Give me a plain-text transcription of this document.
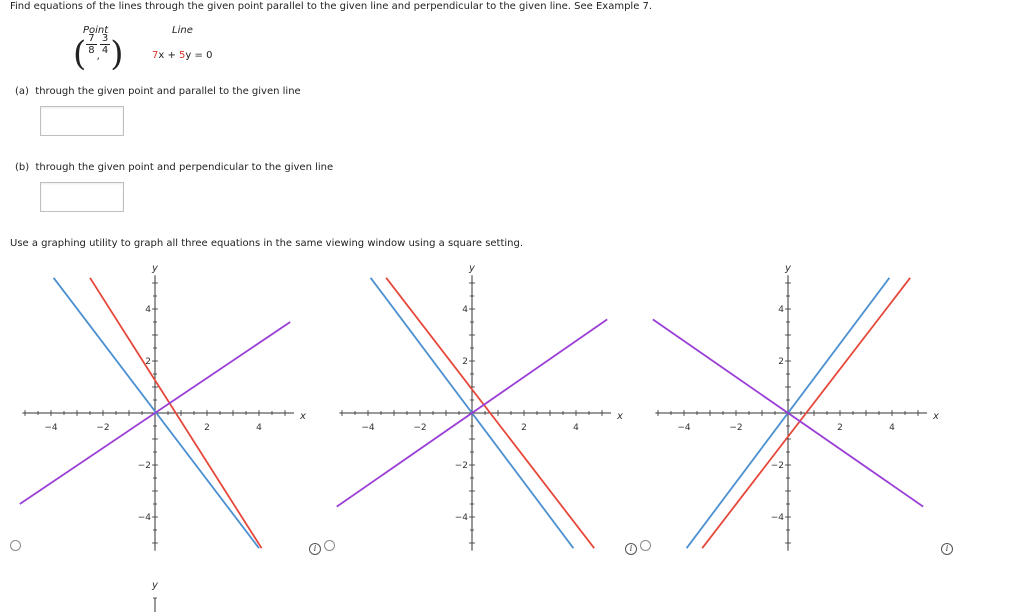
Find equations of the lines through the given point parallel to the given line and perpendicular to the given line. See Example 7.
Point	Line
( $\frac{7}{8}$
,
$\frac{3}{4}$ )	7x + 5y = 0
(a) through the given point and parallel to the given line
(b) through the given point and perpendicular to the given line
Use a graphing utility to graph all three equations in the same viewing window using a square setting.
−4	−2	2	4
4
2
−2
−4
x
y
−4	−2	2	4
4
2
−2
−4
x
y
−4	−2	2	4
4
2
−2
−4
x
y
y
i	i	i
